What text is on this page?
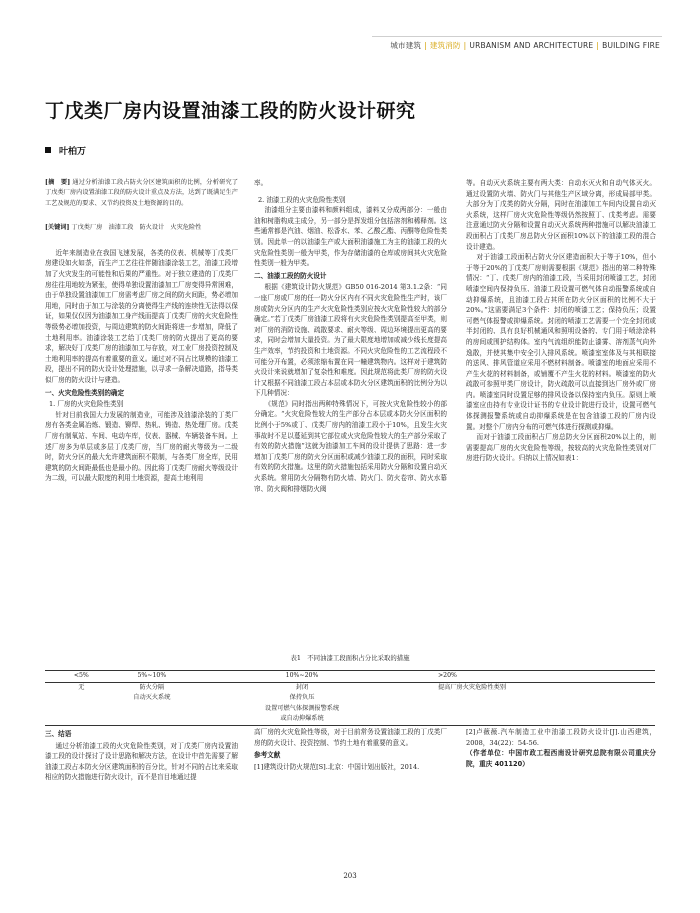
城市建筑 | 建筑消防 | URBANISM AND ARCHITECTURE | BUILDING FIRE
丁戊类厂房内设置油漆工段的防火设计研究
叶柏万
[摘　要] 通过分析油漆工段占防火分区建筑面积的比例，分析研究了丁戊类厂房内设置油漆工段的防火设计重点及方法，达到了既满足生产工艺及规范的要求、又节约投资及土地资源的目的。
[关键词] 丁戊类厂房　油漆工段　防火设计　火灾危险性

近年来制造业在我国飞速发展，各类的仪表、机械等丁戊类厂房建设如火如荼，而生产工艺往往伴随油漆涂装工艺，油漆工段增加了火灾发生的可能性和后果的严重性。对于独立建造的丁戊类厂房往往用地较为紧张，使得单独设置油漆加工厂房变得异常困难，由于单独设置油漆加工厂房需考虑厂房之间的防火间距，势必增加用地，同时由于加工与涂装的分离使得生产线的连续性无法得以保证，如果仅仅因为油漆加工身产线而提高丁戊类厂房的火灾危险性等级势必增加投资，与周边建筑的防火间距将进一步增加，降低了土地利用率。油漆涂装工艺给丁戊类厂房的防火提出了更高的要求，解决好丁戊类厂房的油漆加工与存放，对工业厂房投资控制及土地利用率的提高有着重要的意义。通过对不同占比规模的油漆工段，提出不同的防火设计处理措施，以寻求一条解决道路，指导类似厂房的防火设计与建造。

一、火灾危险性类别的确定

1. 厂房的火灾危险性类别

针对目前我国大力发展的制造业，可能涉及油漆涂装的丁类厂房有各类金属冶炼、锻造、铆焊、热轧、铸造、热处理厂房。戊类厂房有制氧站、车间、电动车库，仪表、器械、车辆装备车间。上述厂房多为单层或多层丁戊类厂房，当厂房的耐火等级为一二级时，防火分区的最大允许建筑面积不限制，与各类厂房全库，民用建筑的防火间距最低也是最小的。因此将丁戊类厂房耐火等级设计为二级，可以最大限度的利用土地资源，提高土地利用

率。

2. 油漆工段的火灾危险性类别

油漆组分主要由漆料和颜料组成，漆料又分成两部分：一般由油和树脂构成主成分，另一部分是挥发组分包括溶剂和稀释剂。这些通常都是汽油、烟油、松香水、苯、乙酸乙酯、丙酮等危险性类别。因此单一的以油漆生产或大面积油漆施工为主的油漆工段的火灾危险性类别一般为甲类，作为存储油漆的仓库或房间其火灾危险性类别一般为甲类。

二、油漆工段的防火设计

根据《建筑设计防火规范》GB50 016-2014 第3.1.2条：“同一座厂房或厂房的任一防火分区内有不同火灾危险性生产时，该厂房或防火分区内的生产火灾危险性类别应按火灾危险性较大的部分确定。”若丁戊类厂房油漆工段将有火灾危险性类别提高至甲类，则对厂房的消防设施、疏散要求、耐火等级、周边环境提出更高的要求，同时会增加大量投资。为了最大限度地增加或减少线长度提高生产效率，节约投资和土地资源。不同火灾危险性的工艺流程段不可能分开布置，必须浓缩布置在同一幢建筑物内。这样对于建筑防火设计来说就增加了复杂性和难度。因此规范将此类厂房的防火设计又根据不同油漆工段占本层或本防火分区建筑面积的比例分为以下几种情况：

《规范》同时指出两种特殊情况下，可按火灾危险性较小的部分确定。“火灾危险性较大的生产部分占本层或本防火分区面积的比例小于5%或丁、戊类厂房内的油漆工段小于10%，且发生火灾事故时不足以蔓延到其它部位或火灾危险性较大的生产部分采取了有效的防火措施”这就为油漆加工车间的设计提供了思路：进一步增加丁戊类厂房的防火分区面积或减少油漆工段的面积，同时采取有效的防火措施。这里的防火措施包括采用防火分隔和设置自动灭火系统。常用防火分隔物有防火墙、防火门、防火卷帘、防火水幕帘、防火阀和排烟防火阀

等。自动灭火系统主要有两大类：自动水灭火和自动气体灭火。通过设置防火墙、防火门与其他生产区域分离，形成局部甲类。大部分为丁戊类的防火分隔，同时在油漆加工车间内设置自动灭火系统，这样厂房火灾危险性等级仍然按照丁、戊类考虑。需要注意通过防火分隔和设置自动灭火系统两种措施可以解决油漆工段面积占丁戊类厂房总防火分区面积10%以下的油漆工段的混合设计建造。

对于油漆工段面积占防火分区建造面积大于等于10%，但小于等于20%的丁戊类厂房则需要根据《规范》指出的第二种特殊情况：“丁、戊类厂房内的油漆工段，当采用封闭喷漆工艺，封闭喷漆空间内保持负压、油漆工段设置可燃气体自动报警系统或自动抑爆系统，且油漆工段占其所在防火分区面积的比例不大于20%。”这需要满足3个条件：封闭的喷漆工艺；保持负压；设置可燃气体报警或抑爆系统。封闭的喷漆工艺需要一个完全封闭或半封闭的、具有良好机械通风和照明设备的、专门用于喷涂涂料的房间或围护结构体。室内气流组织能防止漆雾、溶剂蒸气向外逸散，并使其集中安全引入排风系统。喷漆室室体及与其相联接的送风、排风管道应采用不燃材料制备。喷漆室的地面应采用不产生火花的材料制备，或铺覆不产生火花的材料。喷漆室的防火疏散可参照甲类厂房设计，防火疏散可以直接到达厂房外或厂房内。喷漆室同时设置足够的排风设备以保持室内负压。原则上喷漆室应由持有专业设计证书的专业设计院进行设计，设置可燃气体探测报警系统或自动抑爆系统是在包含油漆工段的厂房内设置。对整个厂房内分布的可燃气体进行探测或抑爆。

而对于油漆工段面积占厂房总防火分区面积20%以上的，则需要提高厂房的火灾危险性等级，按较高的火灾危险性类别对厂房进行防火设计。归纳以上情况如表1：

表1　不同油漆工段面积占分比采取的措施
<5%	5%~10%	10%~20%	>20%
无	防火分隔	封闭	提高厂房火灾危险性类别
	自动灭火系统	保持负压	
		设置可燃气体探测报警系统	
		或自动抑爆系统	

三、结语

通过分析油漆工段的火灾危险性类别，对丁戊类厂房内设置油漆工段的设计探讨了设计思路和解决方法，在设计中首先需要了解油漆工段占本防火分区建筑面积的百分比，针对不同的占比来采取相应的防火措施进行防火设计，而不是盲目地通过提

高厂房的火灾危险性等级，对于目前常务设置油漆工段的丁戊类厂房的防火设计、投资控制、节约土地有着重要的意义。

参考文献

[1]建筑设计防火规范[S].北京：中国计划出版社，2014.

[2]卢薇薇.汽车制造工业中油漆工段防火设计[J].山西建筑，2008，34(22)：54-56.

（作者单位：中国市政工程西南设计研究总院有限公司重庆分院，重庆 401120）

203
